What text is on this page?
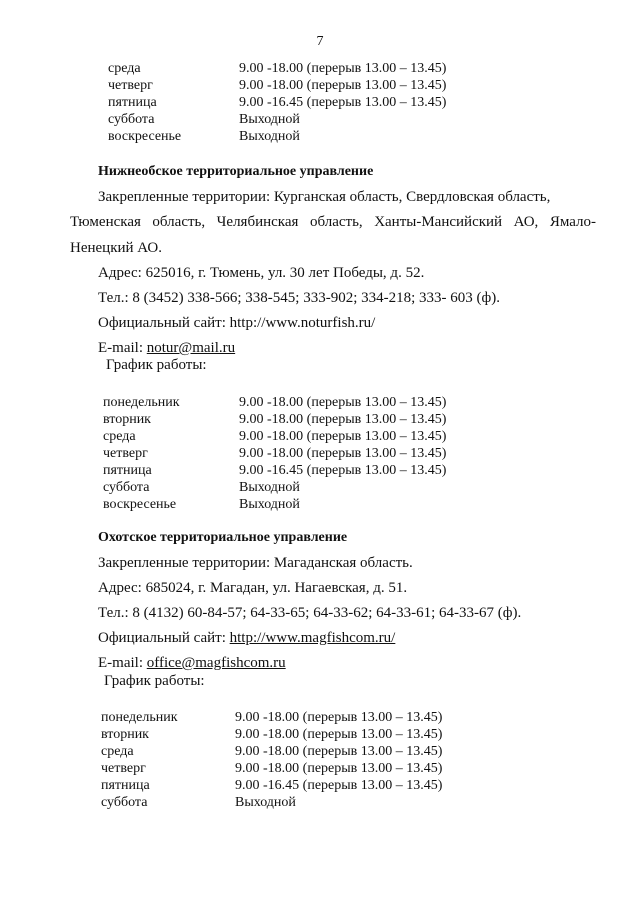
7
среда	9.00 -18.00 (перерыв 13.00 – 13.45)
четверг	9.00 -18.00 (перерыв 13.00 – 13.45)
пятница	9.00 -16.45 (перерыв 13.00 – 13.45)
суббота	Выходной
воскресенье	Выходной
Нижнеобское территориальное управление
Закрепленные территории: Курганская область, Свердловская область,
Тюменская область, Челябинская область, Ханты-Мансийский АО, Ямало-
Ненецкий АО.
Адрес: 625016, г. Тюмень, ул. 30 лет Победы, д. 52.
Тел.: 8 (3452) 338-566; 338-545; 333-902; 334-218; 333- 603 (ф).
Официальный сайт: http://www.noturfish.ru/
E-mail: notur@mail.ru
График работы:
понедельник	9.00 -18.00 (перерыв 13.00 – 13.45)
вторник	9.00 -18.00 (перерыв 13.00 – 13.45)
среда	9.00 -18.00 (перерыв 13.00 – 13.45)
четверг	9.00 -18.00 (перерыв 13.00 – 13.45)
пятница	9.00 -16.45 (перерыв 13.00 – 13.45)
суббота	Выходной
воскресенье	Выходной
Охотское территориальное управление
Закрепленные территории: Магаданская область.
Адрес: 685024, г. Магадан, ул. Нагаевская, д. 51.
Тел.: 8 (4132) 60-84-57; 64-33-65; 64-33-62; 64-33-61; 64-33-67 (ф).
Официальный сайт: http://www.magfishcom.ru/
E-mail: office@magfishcom.ru
График работы:
понедельник	9.00 -18.00 (перерыв 13.00 – 13.45)
вторник	9.00 -18.00 (перерыв 13.00 – 13.45)
среда	9.00 -18.00 (перерыв 13.00 – 13.45)
четверг	9.00 -18.00 (перерыв 13.00 – 13.45)
пятница	9.00 -16.45 (перерыв 13.00 – 13.45)
суббота	Выходной
